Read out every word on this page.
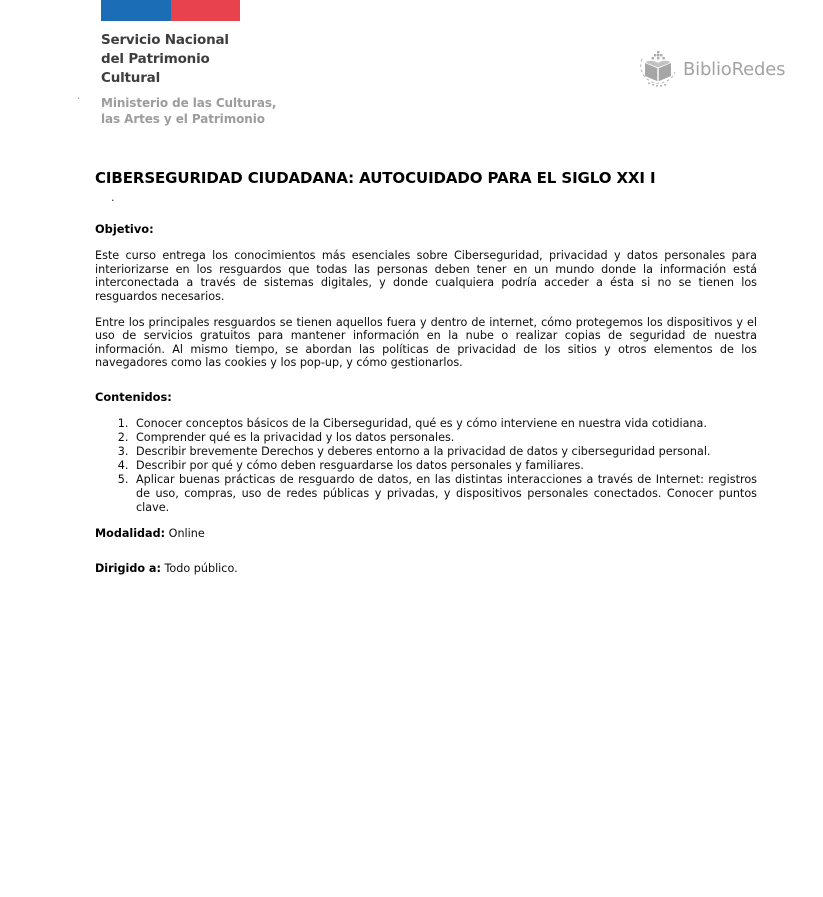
·
Servicio Nacional
del Patrimonio
Cultural
Ministerio de las Culturas,
las Artes y el Patrimonio
BiblioRedes
CIBERSEGURIDAD CIUDADANA: AUTOCUIDADO PARA EL SIGLO XXI I
.
Objetivo:

Este curso entrega los conocimientos más esenciales sobre Ciberseguridad, privacidad y datos personales para interiorizarse en los resguardos que todas las personas deben tener en un mundo donde la información está interconectada a través de sistemas digitales, y donde cualquiera podría acceder a ésta si no se tienen los resguardos necesarios.

Entre los principales resguardos se tienen aquellos fuera y dentro de internet, cómo protegemos los dispositivos y el uso de servicios gratuitos para mantener información en la nube o realizar copias de seguridad de nuestra información. Al mismo tiempo, se abordan las políticas de privacidad de los sitios y otros elementos de los navegadores como las cookies y los pop-up, y cómo gestionarlos.

Contenidos:
1. Conocer conceptos básicos de la Ciberseguridad, qué es y cómo interviene en nuestra vida cotidiana.
2. Comprender qué es la privacidad y los datos personales.
3. Describir brevemente Derechos y deberes entorno a la privacidad de datos y ciberseguridad personal.
4. Describir por qué y cómo deben resguardarse los datos personales y familiares.
5. Aplicar buenas prácticas de resguardo de datos, en las distintas interacciones a través de Internet: registros de uso, compras, uso de redes públicas y privadas, y dispositivos personales conectados. Conocer puntos clave.
Modalidad: Online
Dirigido a: Todo público.
